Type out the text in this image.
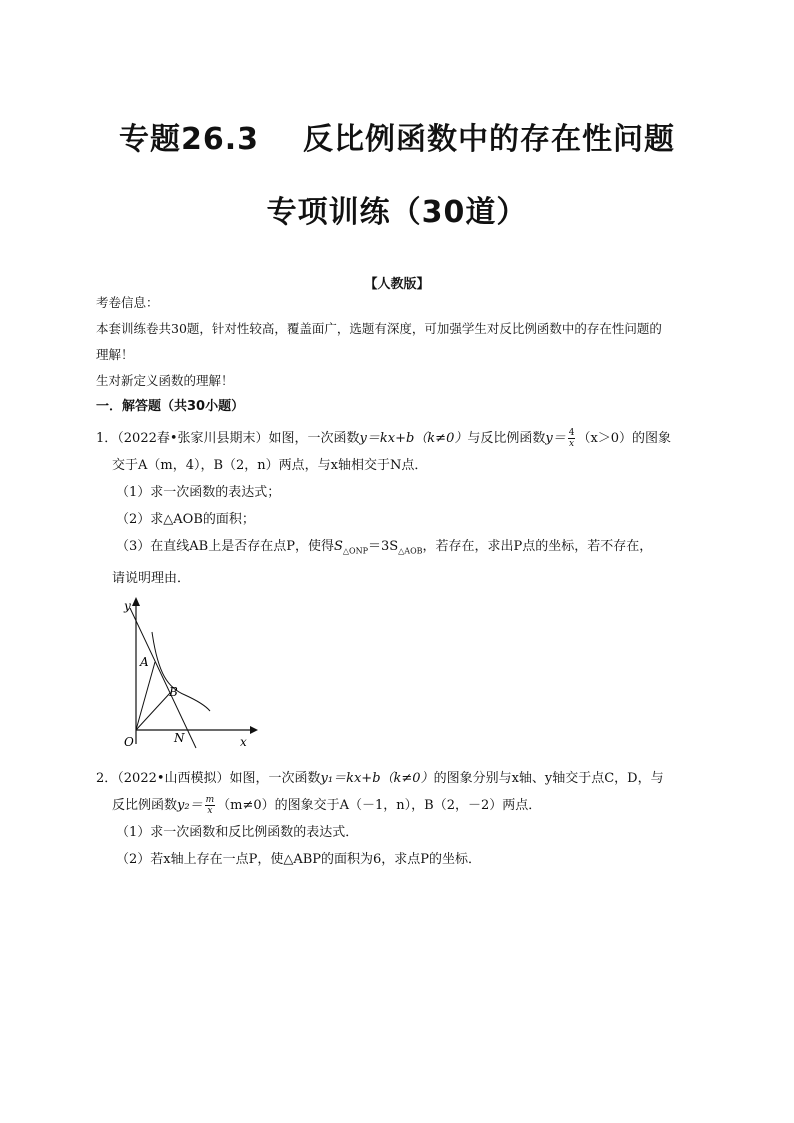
专题26.3 反比例函数中的存在性问题
专项训练（30道）
【人教版】
考卷信息：
本套训练卷共30题，针对性较高，覆盖面广，选题有深度，可加强学生对反比例函数中的存在性问题的
理解！
生对新定义函数的理解！
一．解答题（共30小题）
1．（2022春•张家川县期末）如图，一次函数y＝kx+b（k≠0）与反比例函数$y= \frac{4}{x} (x>0)$的图象
交于A（m，4），B（2，n）两点，与x轴相交于N点．
（1）求一次函数的表达式；
（2）求△AOB的面积；
（3）在直线AB上是否存在点P，使得$S_{\triangle ONP}=3S_{\triangle AOB}$，若存在，求出P点的坐标，若不存在，
请说明理由．
y
x
O
A
B
N
2．（2022•山西模拟）如图，一次函数y₁＝kx+b（k≠0）的图象分别与x轴、y轴交于点C，D，与
反比例函数$y_2= \frac{m}{x} (m\ne 0)$的图象交于A（－1，n），B（2，－2）两点．
（1）求一次函数和反比例函数的表达式．
（2）若x轴上存在一点P，使△ABP的面积为6，求点P的坐标．
